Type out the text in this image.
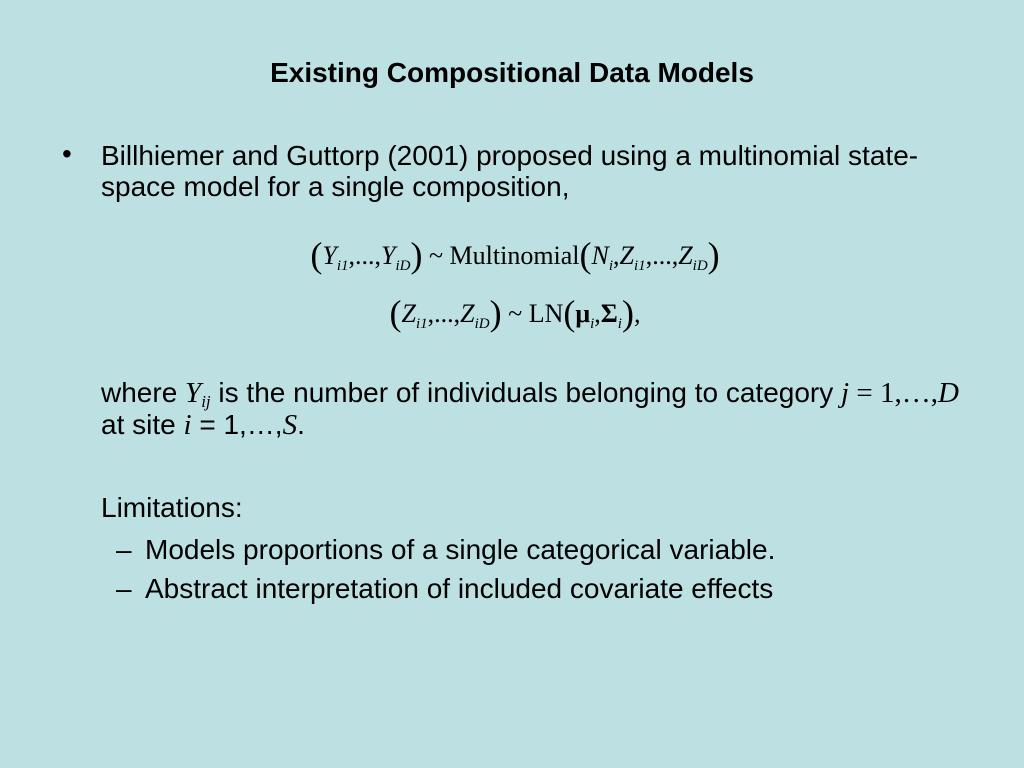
Existing Compositional Data Models
• Billhiemer and Guttorp (2001) proposed using a multinomial state-space model for a single composition,
$(Y_{i1},...,Y_{iD})$ ~ $Multinomial(N_i,Z_{i1},...,Z_{iD})$
$(Z_{i1},...,Z_{iD})$ ~ $LN(\mu_i,\Sigma_i)$,
where $Y_{ij}$ is the number of individuals belonging to category j = 1,…,D at site i = 1,…,S.
Limitations:
– Models proportions of a single categorical variable.
– Abstract interpretation of included covariate effects
